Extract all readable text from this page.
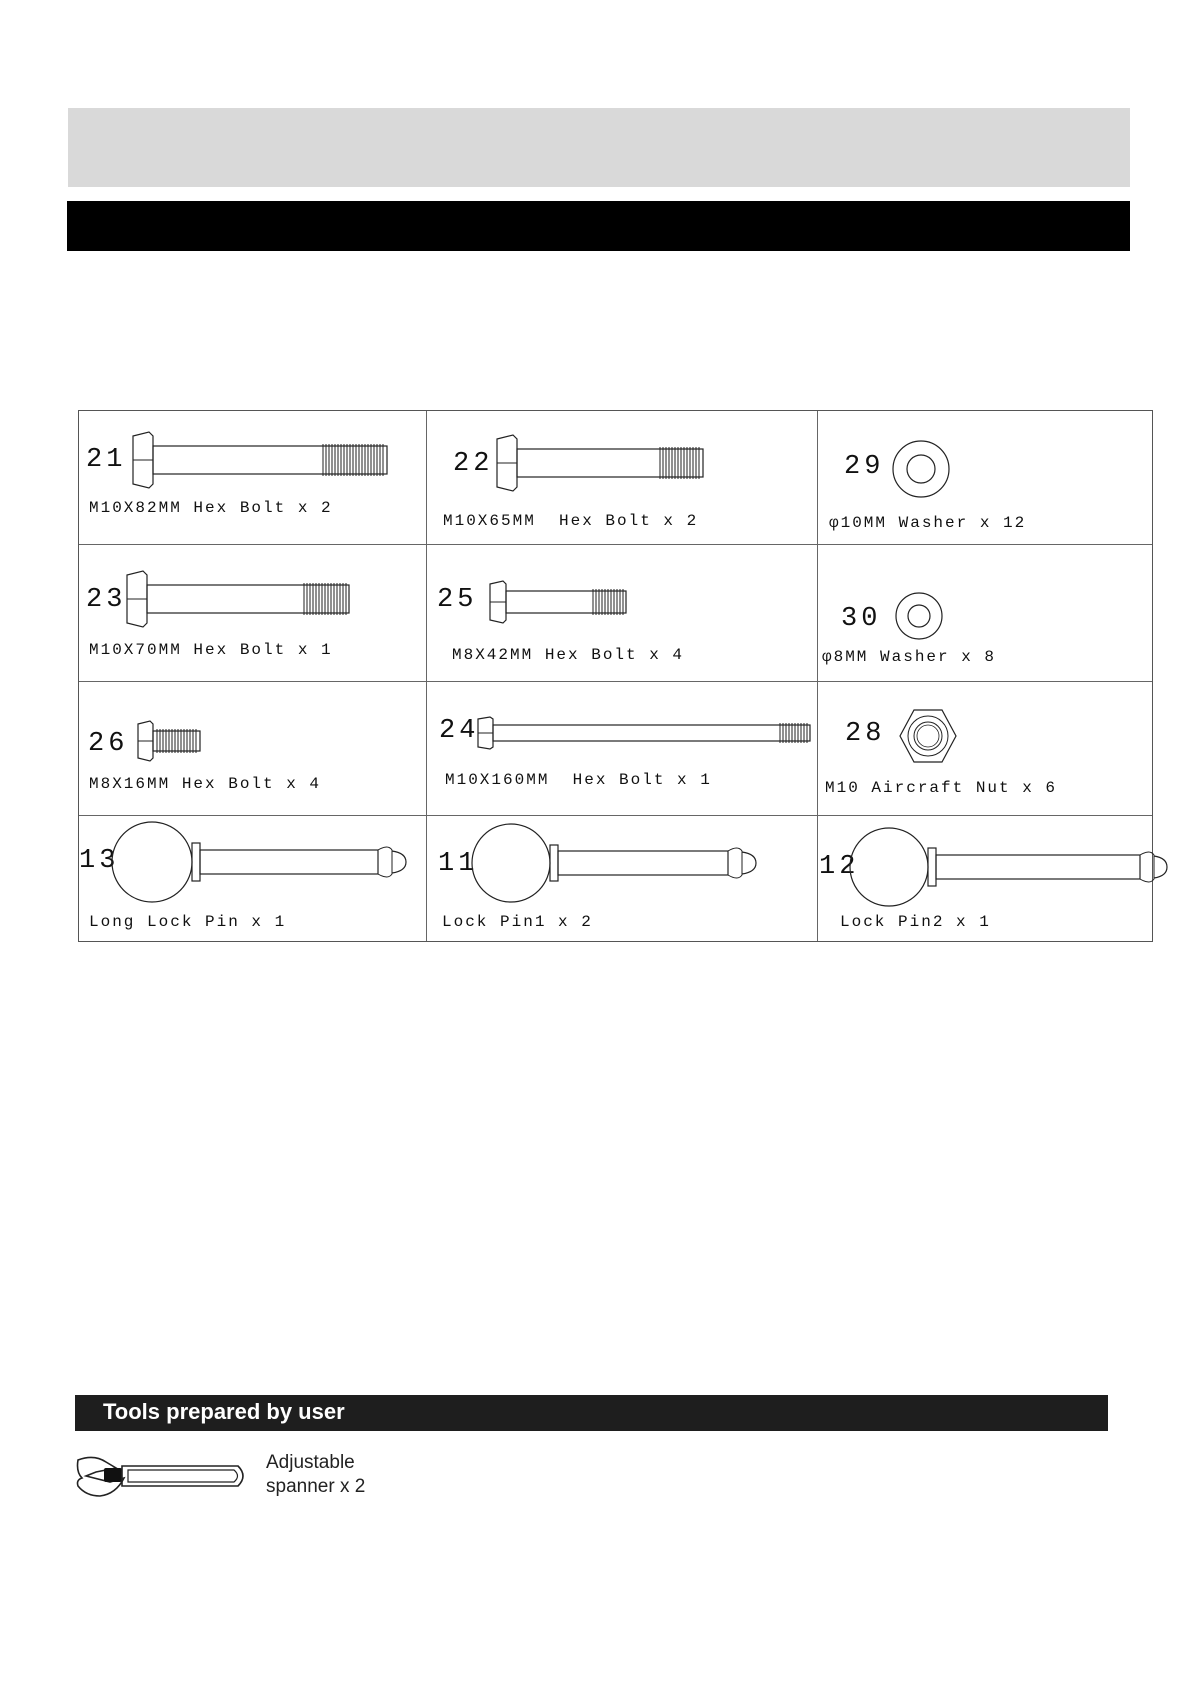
21
M10X82MM Hex Bolt x 2
22
M10X65MM  Hex Bolt x 2
29
φ10MM Washer x 12
23
M10X70MM Hex Bolt x 1
25
M8X42MM Hex Bolt x 4
30
φ8MM Washer x 8
26
M8X16MM Hex Bolt x 4
24
M10X160MM  Hex Bolt x 1
28
M10 Aircraft Nut x 6
13
Long Lock Pin x 1
11
Lock Pin1 x 2
12
Lock Pin2 x 1
Tools prepared by user
Adjustable
spanner x 2
